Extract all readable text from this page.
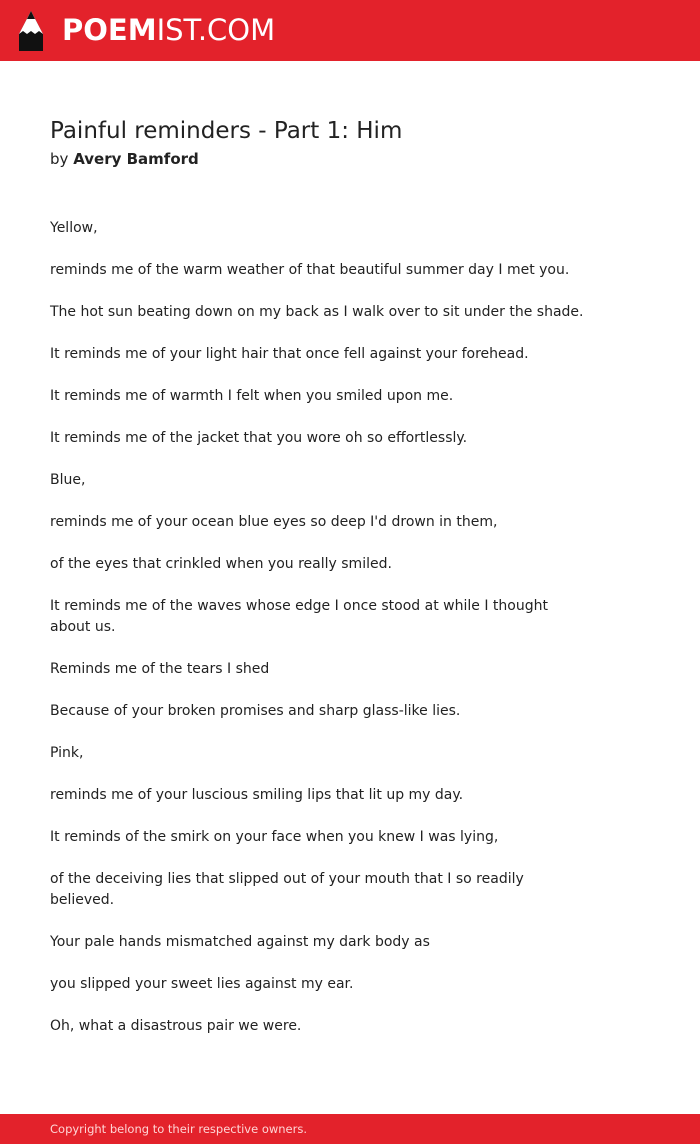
POEMIST.COM
Painful reminders - Part 1: Him
by Avery Bamford

Yellow,

reminds me of the warm weather of that beautiful summer day I met you.

The hot sun beating down on my back as I walk over to sit under the shade.

It reminds me of your light hair that once fell against your forehead.

It reminds me of warmth I felt when you smiled upon me.

It reminds me of the jacket that you wore oh so effortlessly.

Blue,

reminds me of your ocean blue eyes so deep I'd drown in them,

of the eyes that crinkled when you really smiled.

It reminds me of the waves whose edge I once stood at while I thought about us.

Reminds me of the tears I shed

Because of your broken promises and sharp glass-like lies.

Pink,

reminds me of your luscious smiling lips that lit up my day.

It reminds of the smirk on your face when you knew I was lying,

of the deceiving lies that slipped out of your mouth that I so readily believed.

Your pale hands mismatched against my dark body as

you slipped your sweet lies against my ear.

Oh, what a disastrous pair we were.

Copyright belong to their respective owners.
